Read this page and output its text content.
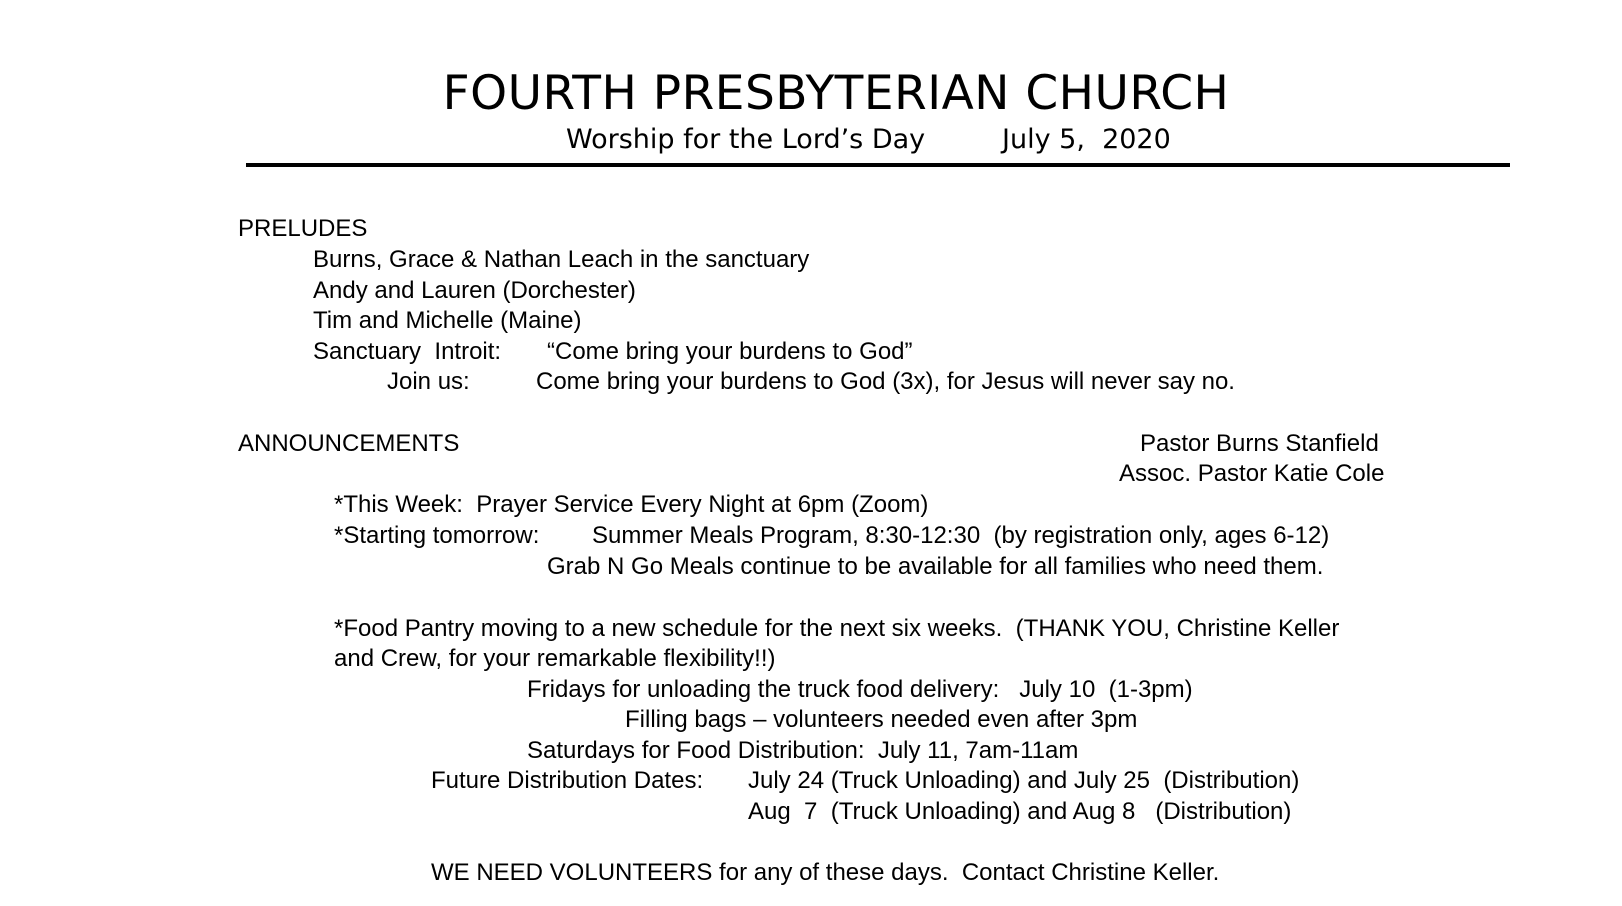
FOURTH PRESBYTERIAN CHURCH
Worship for the Lord’s Day	July 5,  2020
PRELUDES
Burns, Grace & Nathan Leach in the sanctuary
Andy and Lauren (Dorchester)
Tim and Michelle (Maine)
Sanctuary  Introit: “Come bring your burdens to God”
Join us:	Come bring your burdens to God (3x), for Jesus will never say no.
ANNOUNCEMENTS	Pastor Burns Stanfield
Assoc. Pastor Katie Cole
*This Week:  Prayer Service Every Night at 6pm (Zoom)
*Starting tomorrow: Summer Meals Program, 8:30-12:30  (by registration only, ages 6-12)
Grab N Go Meals continue to be available for all families who need them.
*Food Pantry moving to a new schedule for the next six weeks.  (THANK YOU, Christine Keller
and Crew, for your remarkable flexibility!!)
Fridays for unloading the truck food delivery:   July 10  (1-3pm)
Filling bags – volunteers needed even after 3pm
Saturdays for Food Distribution:  July 11, 7am-11am
Future Distribution Dates: July 24 (Truck Unloading) and July 25  (Distribution)
Aug  7  (Truck Unloading) and Aug 8   (Distribution)
WE NEED VOLUNTEERS for any of these days.  Contact Christine Keller.
